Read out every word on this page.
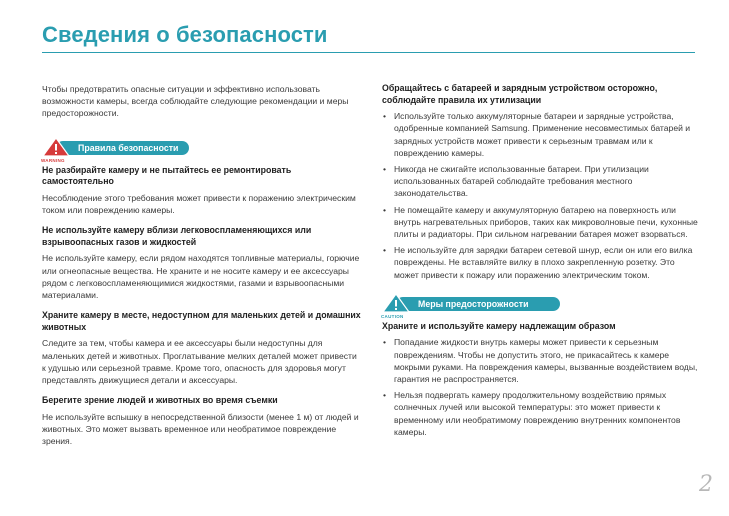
Сведения о безопасности

Чтобы предотвратить опасные ситуации и эффективно использовать возможности камеры, всегда соблюдайте следующие рекомендации и меры предосторожности.

Правила безопасности
WARNING

Не разбирайте камеру и не пытайтесь ее ремонтировать самостоятельно

Несоблюдение этого требования может привести к поражению электрическим током или повреждению камеры.

Не используйте камеру вблизи легковоспламеняющихся или взрывоопасных газов и жидкостей

Не используйте камеру, если рядом находятся топливные материалы, горючие или огнеопасные вещества. Не храните и не носите камеру и ее аксессуары рядом с легковоспламеняющимися жидкостями, газами и взрывоопасными материалами.

Храните камеру в месте, недоступном для маленьких детей и домашних животных

Следите за тем, чтобы камера и ее аксессуары были недоступны для маленьких детей и животных. Проглатывание мелких деталей может привести к удушью или серьезной травме. Кроме того, опасность для здоровья могут представлять движущиеся детали и аксессуары.

Берегите зрение людей и животных во время съемки

Не используйте вспышку в непосредственной близости (менее 1 м) от людей и животных. Это может вызвать временное или необратимое повреждение зрения.

Обращайтесь с батареей и зарядным устройством осторожно, соблюдайте правила их утилизации

• Используйте только аккумуляторные батареи и зарядные устройства, одобренные компанией Samsung. Применение несовместимых батарей и зарядных устройств может привести к серьезным травмам или к повреждению камеры.
• Никогда не сжигайте использованные батареи. При утилизации использованных батарей соблюдайте требования местного законодательства.
• Не помещайте камеру и аккумуляторную батарею на поверхность или внутрь нагревательных приборов, таких как микроволновые печи, кухонные плиты и радиаторы. При сильном нагревании батарея может взорваться.
• Не используйте для зарядки батареи сетевой шнур, если он или его вилка повреждены. Не вставляйте вилку в плохо закрепленную розетку. Это может привести к пожару или поражению электрическим током.
Меры предосторожности
CAUTION

Храните и используйте камеру надлежащим образом

• Попадание жидкости внутрь камеры может привести к серьезным повреждениям. Чтобы не допустить этого, не прикасайтесь к камере мокрыми руками. На повреждения камеры, вызванные воздействием воды, гарантия не распространяется.
• Нельзя подвергать камеру продолжительному воздействию прямых солнечных лучей или высокой температуры: это может привести к временному или необратимому повреждению внутренних компонентов камеры.
2
